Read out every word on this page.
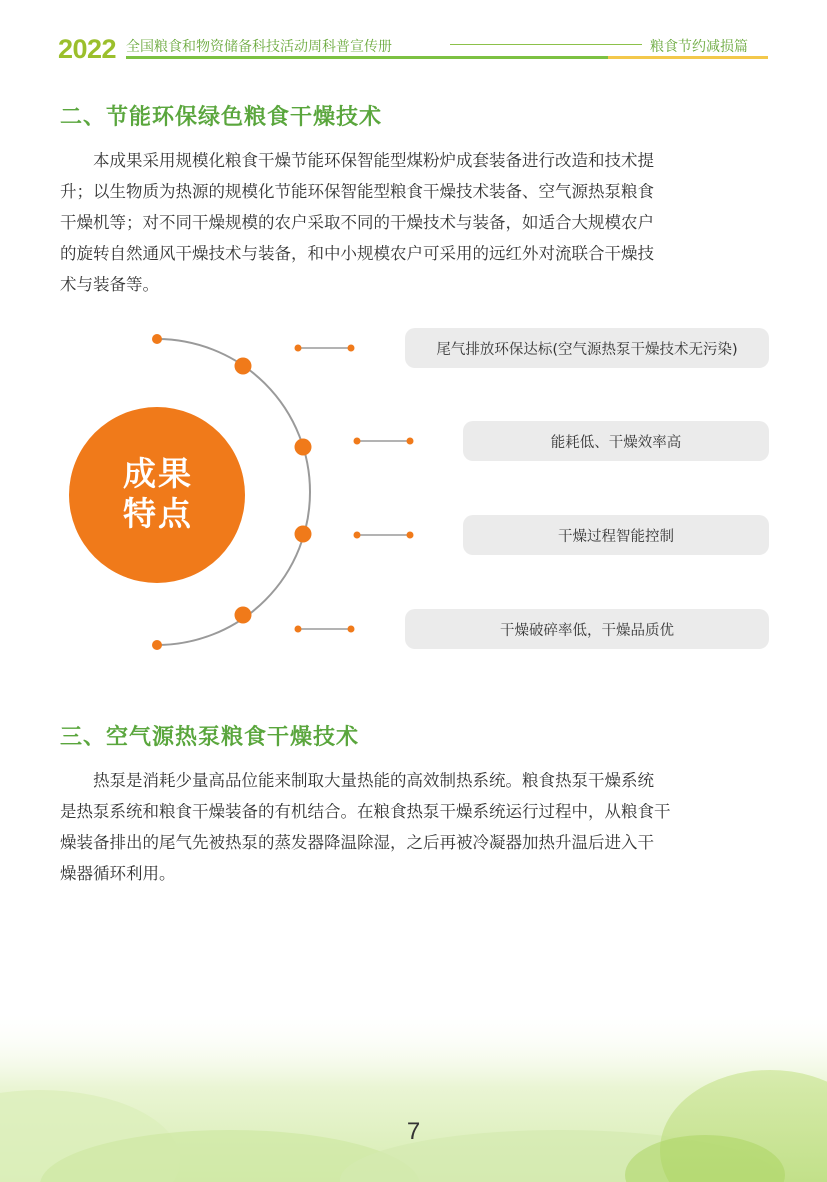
2022 全国粮食和物资储备科技活动周科普宣传册	粮食节约减损篇
二、节能环保绿色粮食干燥技术
本成果采用规模化粮食干燥节能环保智能型煤粉炉成套装备进行改造和技术提
升；以生物质为热源的规模化节能环保智能型粮食干燥技术装备、空气源热泵粮食
干燥机等；对不同干燥规模的农户采取不同的干燥技术与装备，如适合大规模农户
的旋转自然通风干燥技术与装备，和中小规模农户可采用的远红外对流联合干燥技
术与装备等。
成果
特点
尾气排放环保达标(空气源热泵干燥技术无污染)
能耗低、干燥效率高
干燥过程智能控制
干燥破碎率低，干燥品质优
三、空气源热泵粮食干燥技术
热泵是消耗少量高品位能来制取大量热能的高效制热系统。粮食热泵干燥系统
是热泵系统和粮食干燥装备的有机结合。在粮食热泵干燥系统运行过程中，从粮食干
燥装备排出的尾气先被热泵的蒸发器降温除湿，之后再被冷凝器加热升温后进入干
燥器循环利用。
7
